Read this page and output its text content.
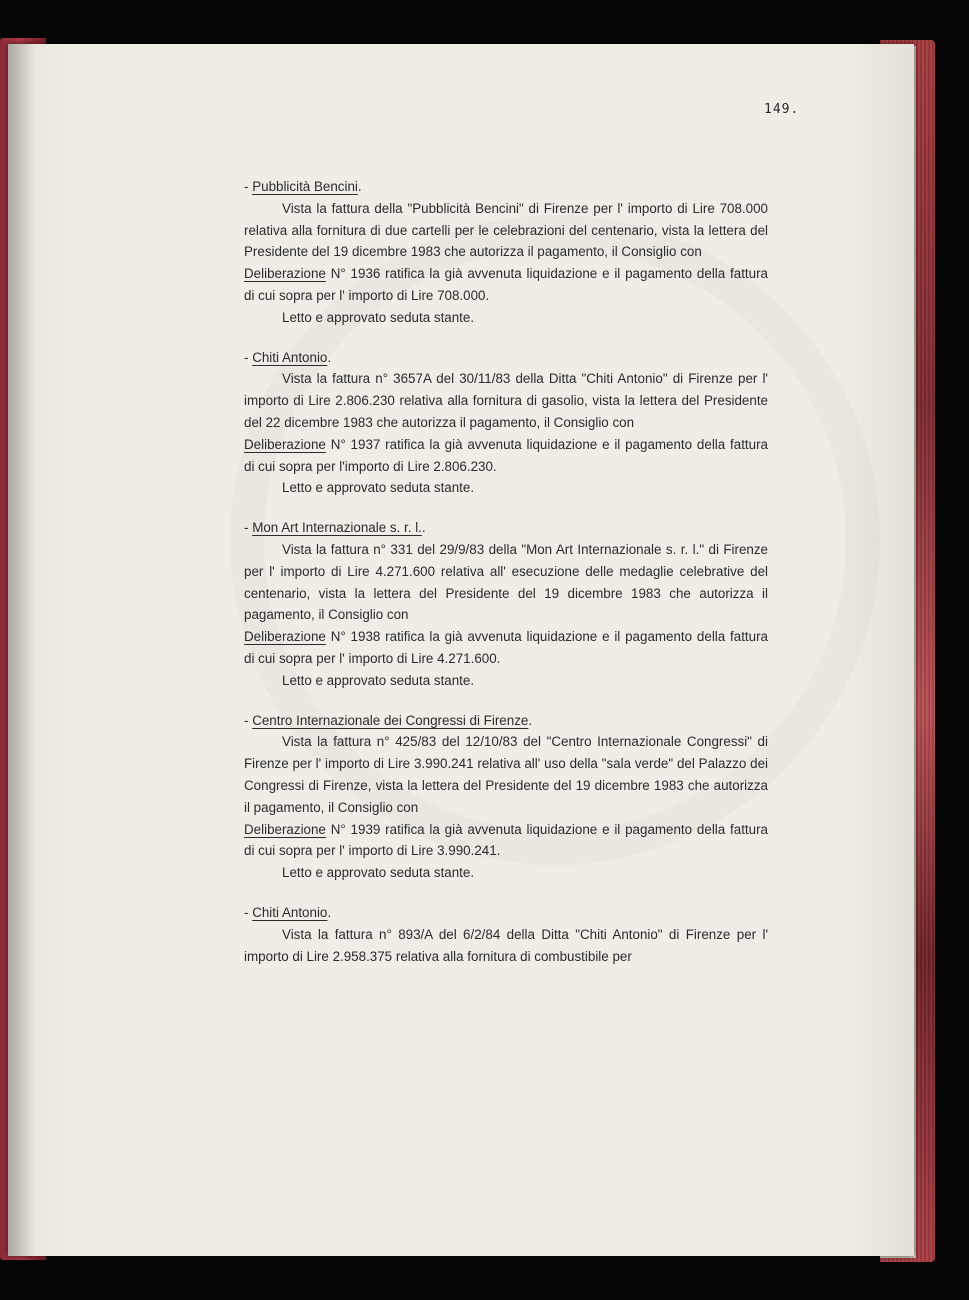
149.

- Pubblicità Bencini.

Vista la fattura della "Pubblicità Bencini" di Firenze per l' importo di Lire 708.000 relativa alla fornitura di due cartelli per le celebrazioni del centenario, vista la lettera del Presidente del 19 dicembre 1983 che autorizza il pagamento, il Consiglio con

Deliberazione N° 1936 ratifica la già avvenuta liquidazione e il pagamento della fattura di cui sopra per l' importo di Lire 708.000.

Letto e approvato seduta stante.

- Chiti Antonio.

Vista la fattura n° 3657A del 30/11/83 della Ditta "Chiti Antonio" di Firenze per l' importo di Lire 2.806.230 relativa alla fornitura di gasolio, vista la lettera del Presidente del 22 dicembre 1983 che autorizza il pagamento, il Consiglio con

Deliberazione N° 1937 ratifica la già avvenuta liquidazione e il pagamento della fattura di cui sopra per l'importo di Lire 2.806.230.

Letto e approvato seduta stante.

- Mon Art Internazionale s. r. l..

Vista la fattura n° 331 del 29/9/83 della "Mon Art Internazionale s. r. l." di Firenze per l' importo di Lire 4.271.600 relativa all' esecuzione delle medaglie celebrative del centenario, vista la lettera del Presidente del 19 dicembre 1983 che autorizza il pagamento, il Consiglio con

Deliberazione N° 1938 ratifica la già avvenuta liquidazione e il pagamento della fattura di cui sopra per l' importo di Lire 4.271.600.

Letto e approvato seduta stante.

- Centro Internazionale dei Congressi di Firenze.

Vista la fattura n° 425/83 del 12/10/83 del "Centro Internazionale Congressi" di Firenze per l' importo di Lire 3.990.241 relativa all' uso della "sala verde" del Palazzo dei Congressi di Firenze, vista la lettera del Presidente del 19 dicembre 1983 che autorizza il pagamento, il Consiglio con

Deliberazione N° 1939 ratifica la già avvenuta liquidazione e il pagamento della fattura di cui sopra per l' importo di Lire 3.990.241.

Letto e approvato seduta stante.

- Chiti Antonio.

Vista la fattura n° 893/A del 6/2/84 della Ditta "Chiti Antonio" di Firenze per l' importo di Lire 2.958.375 relativa alla fornitura di combustibile per
